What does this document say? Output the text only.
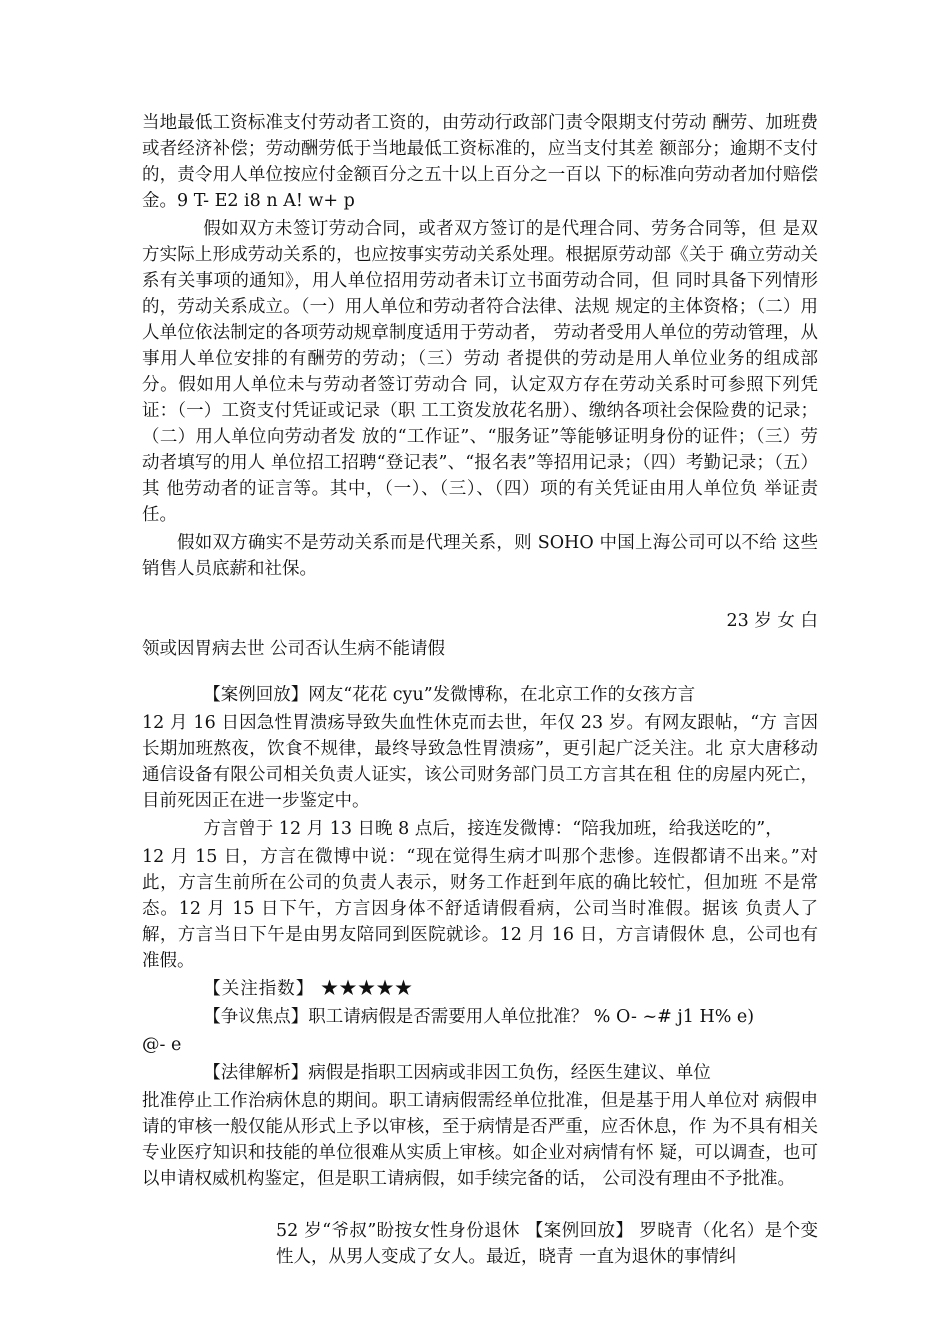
当地最低工资标准支付劳动者工资的，由劳动行政部门责令限期支付劳动 酬劳、加班费或者经济补偿；劳动酬劳低于当地最低工资标准的，应当支付其差 额部分；逾期不支付的，责令用人单位按应付金额百分之五十以上百分之一百以 下的标准向劳动者加付赔偿金。9 T- E2 i8 n A! w+ p

假如双方未签订劳动合同，或者双方签订的是代理合同、劳务合同等，但 是双方实际上形成劳动关系的，也应按事实劳动关系处理。根据原劳动部《关于 确立劳动关系有关事项的通知》，用人单位招用劳动者未订立书面劳动合同，但 同时具备下列情形的，劳动关系成立。（一）用人单位和劳动者符合法律、法规 规定的主体资格；（二）用人单位依法制定的各项劳动规章制度适用于劳动者， 劳动者受用人单位的劳动管理，从事用人单位安排的有酬劳的劳动；（三）劳动 者提供的劳动是用人单位业务的组成部分。假如用人单位未与劳动者签订劳动合 同，认定双方存在劳动关系时可参照下列凭证：（一）工资支付凭证或记录（职 工工资发放花名册）、缴纳各项社会保险费的记录；（二）用人单位向劳动者发 放的“工作证”、“服务证”等能够证明身份的证件；（三）劳动者填写的用人 单位招工招聘“登记表”、“报名表”等招用记录；（四）考勤记录；（五）其 他劳动者的证言等。其中，（一）、（三）、（四）项的有关凭证由用人单位负 举证责任。

假如双方确实不是劳动关系而是代理关系，则 SOHO 中国上海公司可以不给 这些销售人员底薪和社保。

23 岁 女 白

领或因胃病去世 公司否认生病不能请假

【案例回放】网友“花花 cyu”发微博称，在北京工作的女孩方言

12 月 16 日因急性胃溃疡导致失血性休克而去世，年仅 23 岁。有网友跟帖，“方 言因长期加班熬夜，饮食不规律，最终导致急性胃溃疡”，更引起广泛关注。北 京大唐移动通信设备有限公司相关负责人证实，该公司财务部门员工方言其在租 住的房屋内死亡，目前死因正在进一步鉴定中。

方言曾于 12 月 13 日晚 8 点后，接连发微博：“陪我加班，给我送吃的”，

12 月 15 日，方言在微博中说：“现在觉得生病才叫那个悲惨。连假都请不出来。”对此，方言生前所在公司的负责人表示，财务工作赶到年底的确比较忙，但加班 不是常态。12 月 15 日下午，方言因身体不舒适请假看病，公司当时准假。据该 负责人了解，方言当日下午是由男友陪同到医院就诊。12 月 16 日，方言请假休 息，公司也有准假。

【关注指数】 ★★★★★

【争议焦点】职工请病假是否需要用人单位批准？ % O- ~# j1 H% e)

@- e

【法律解析】病假是指职工因病或非因工负伤，经医生建议、单位

批准停止工作治病休息的期间。职工请病假需经单位批准，但是基于用人单位对 病假申请的审核一般仅能从形式上予以审核，至于病情是否严重，应否休息，作 为不具有相关专业医疗知识和技能的单位很难从实质上审核。如企业对病情有怀 疑，可以调查，也可以申请权威机构鉴定，但是职工请病假，如手续完备的话， 公司没有理由不予批准。

52 岁“爷叔”盼按女性身份退休 【案例回放】 罗晓青（化名）是个变性人，从男人变成了女人。最近，晓青 一直为退休的事情纠
